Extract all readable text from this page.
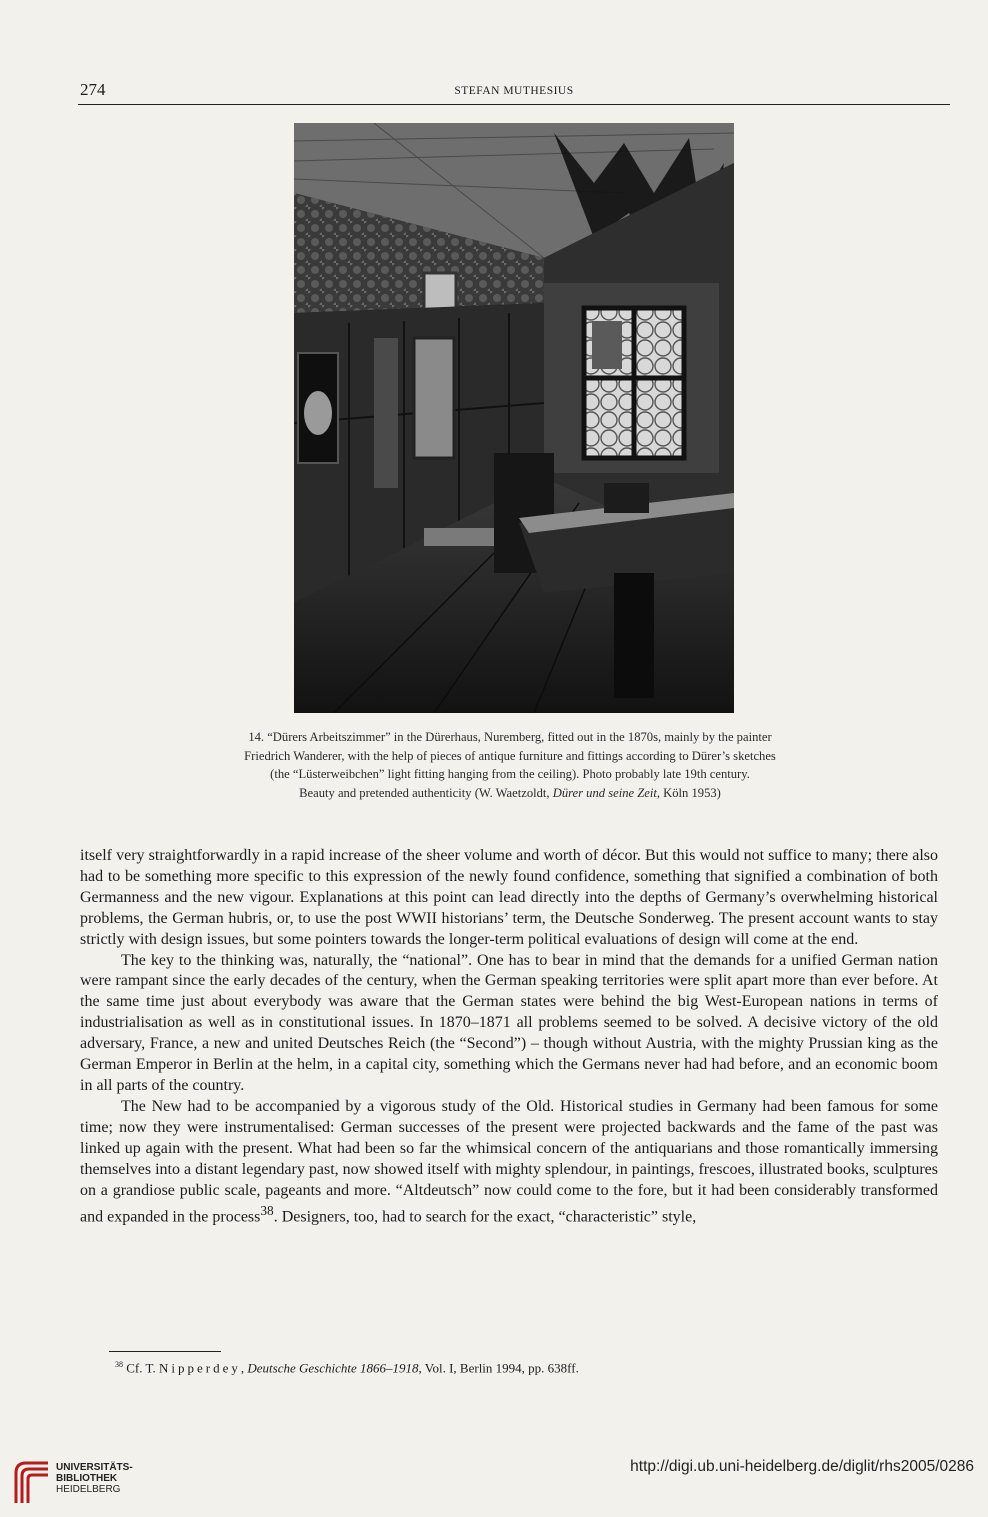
274	STEFAN MUTHESIUS
14. “Dürers Arbeitszimmer” in the Dürerhaus, Nuremberg, fitted out in the 1870s, mainly by the painter
Friedrich Wanderer, with the help of pieces of antique furniture and fittings according to Dürer’s sketches
(the “Lüsterweibchen” light fitting hanging from the ceiling). Photo probably late 19th century.
Beauty and pretended authenticity (W. Waetzoldt, Dürer und seine Zeit, Köln 1953)

itself very straightforwardly in a rapid increase of the sheer volume and worth of décor. But this would not suffice to many; there also had to be something more specific to this expression of the newly found confidence, something that signified a combination of both Germanness and the new vigour. Explanations at this point can lead directly into the depths of Germany’s overwhelming historical problems, the German hubris, or, to use the post WWII historians’ term, the Deutsche Sonderweg. The present account wants to stay strictly with design issues, but some pointers towards the longer-term political evaluations of design will come at the end.

The key to the thinking was, naturally, the “national”. One has to bear in mind that the demands for a unified German nation were rampant since the early decades of the century, when the German speaking territories were split apart more than ever before. At the same time just about everybody was aware that the German states were behind the big West-European nations in terms of industrialisation as well as in constitutional issues. In 1870–1871 all problems seemed to be solved. A decisive victory of the old adversary, France, a new and united Deutsches Reich (the “Second”) – though without Austria, with the mighty Prussian king as the German Emperor in Berlin at the helm, in a capital city, something which the Germans never had had before, and an economic boom in all parts of the country.

The New had to be accompanied by a vigorous study of the Old. Historical studies in Germany had been famous for some time; now they were instrumentalised: German successes of the present were projected backwards and the fame of the past was linked up again with the present. What had been so far the whimsical concern of the antiquarians and those romantically immersing themselves into a distant legendary past, now showed itself with mighty splendour, in paintings, frescoes, illustrated books, sculptures on a grandiose public scale, pageants and more. “Altdeutsch” now could come to the fore, but it had been considerably transformed and expanded in the process$^{38}$. Designers, too, had to search for the exact, “characteristic” style,

$^{38}$ Cf. T. Nipperdey, Deutsche Geschichte 1866–1918, Vol. I, Berlin 1994, pp. 638ff.
UNIVERSITÄTS-
BIBLIOTHEK
HEIDELBERG
http://digi.ub.uni-heidelberg.de/diglit/rhs2005/0286
